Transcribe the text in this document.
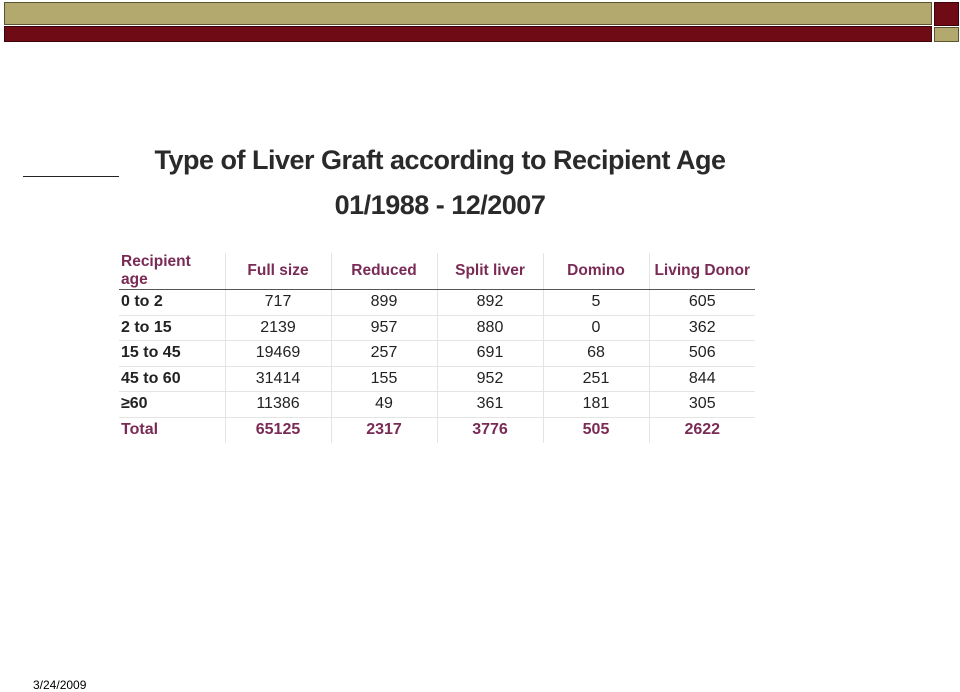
Type of Liver Graft according to Recipient Age
01/1988 - 12/2007
Recipient age	Full size	Reduced	Split liver	Domino	Living Donor
0 to 2	717	899	892	5	605
2 to 15	2139	957	880	0	362
15 to 45	19469	257	691	68	506
45 to 60	31414	155	952	251	844
≥60	11386	49	361	181	305
Total	65125	2317	3776	505	2622
3/24/2009
